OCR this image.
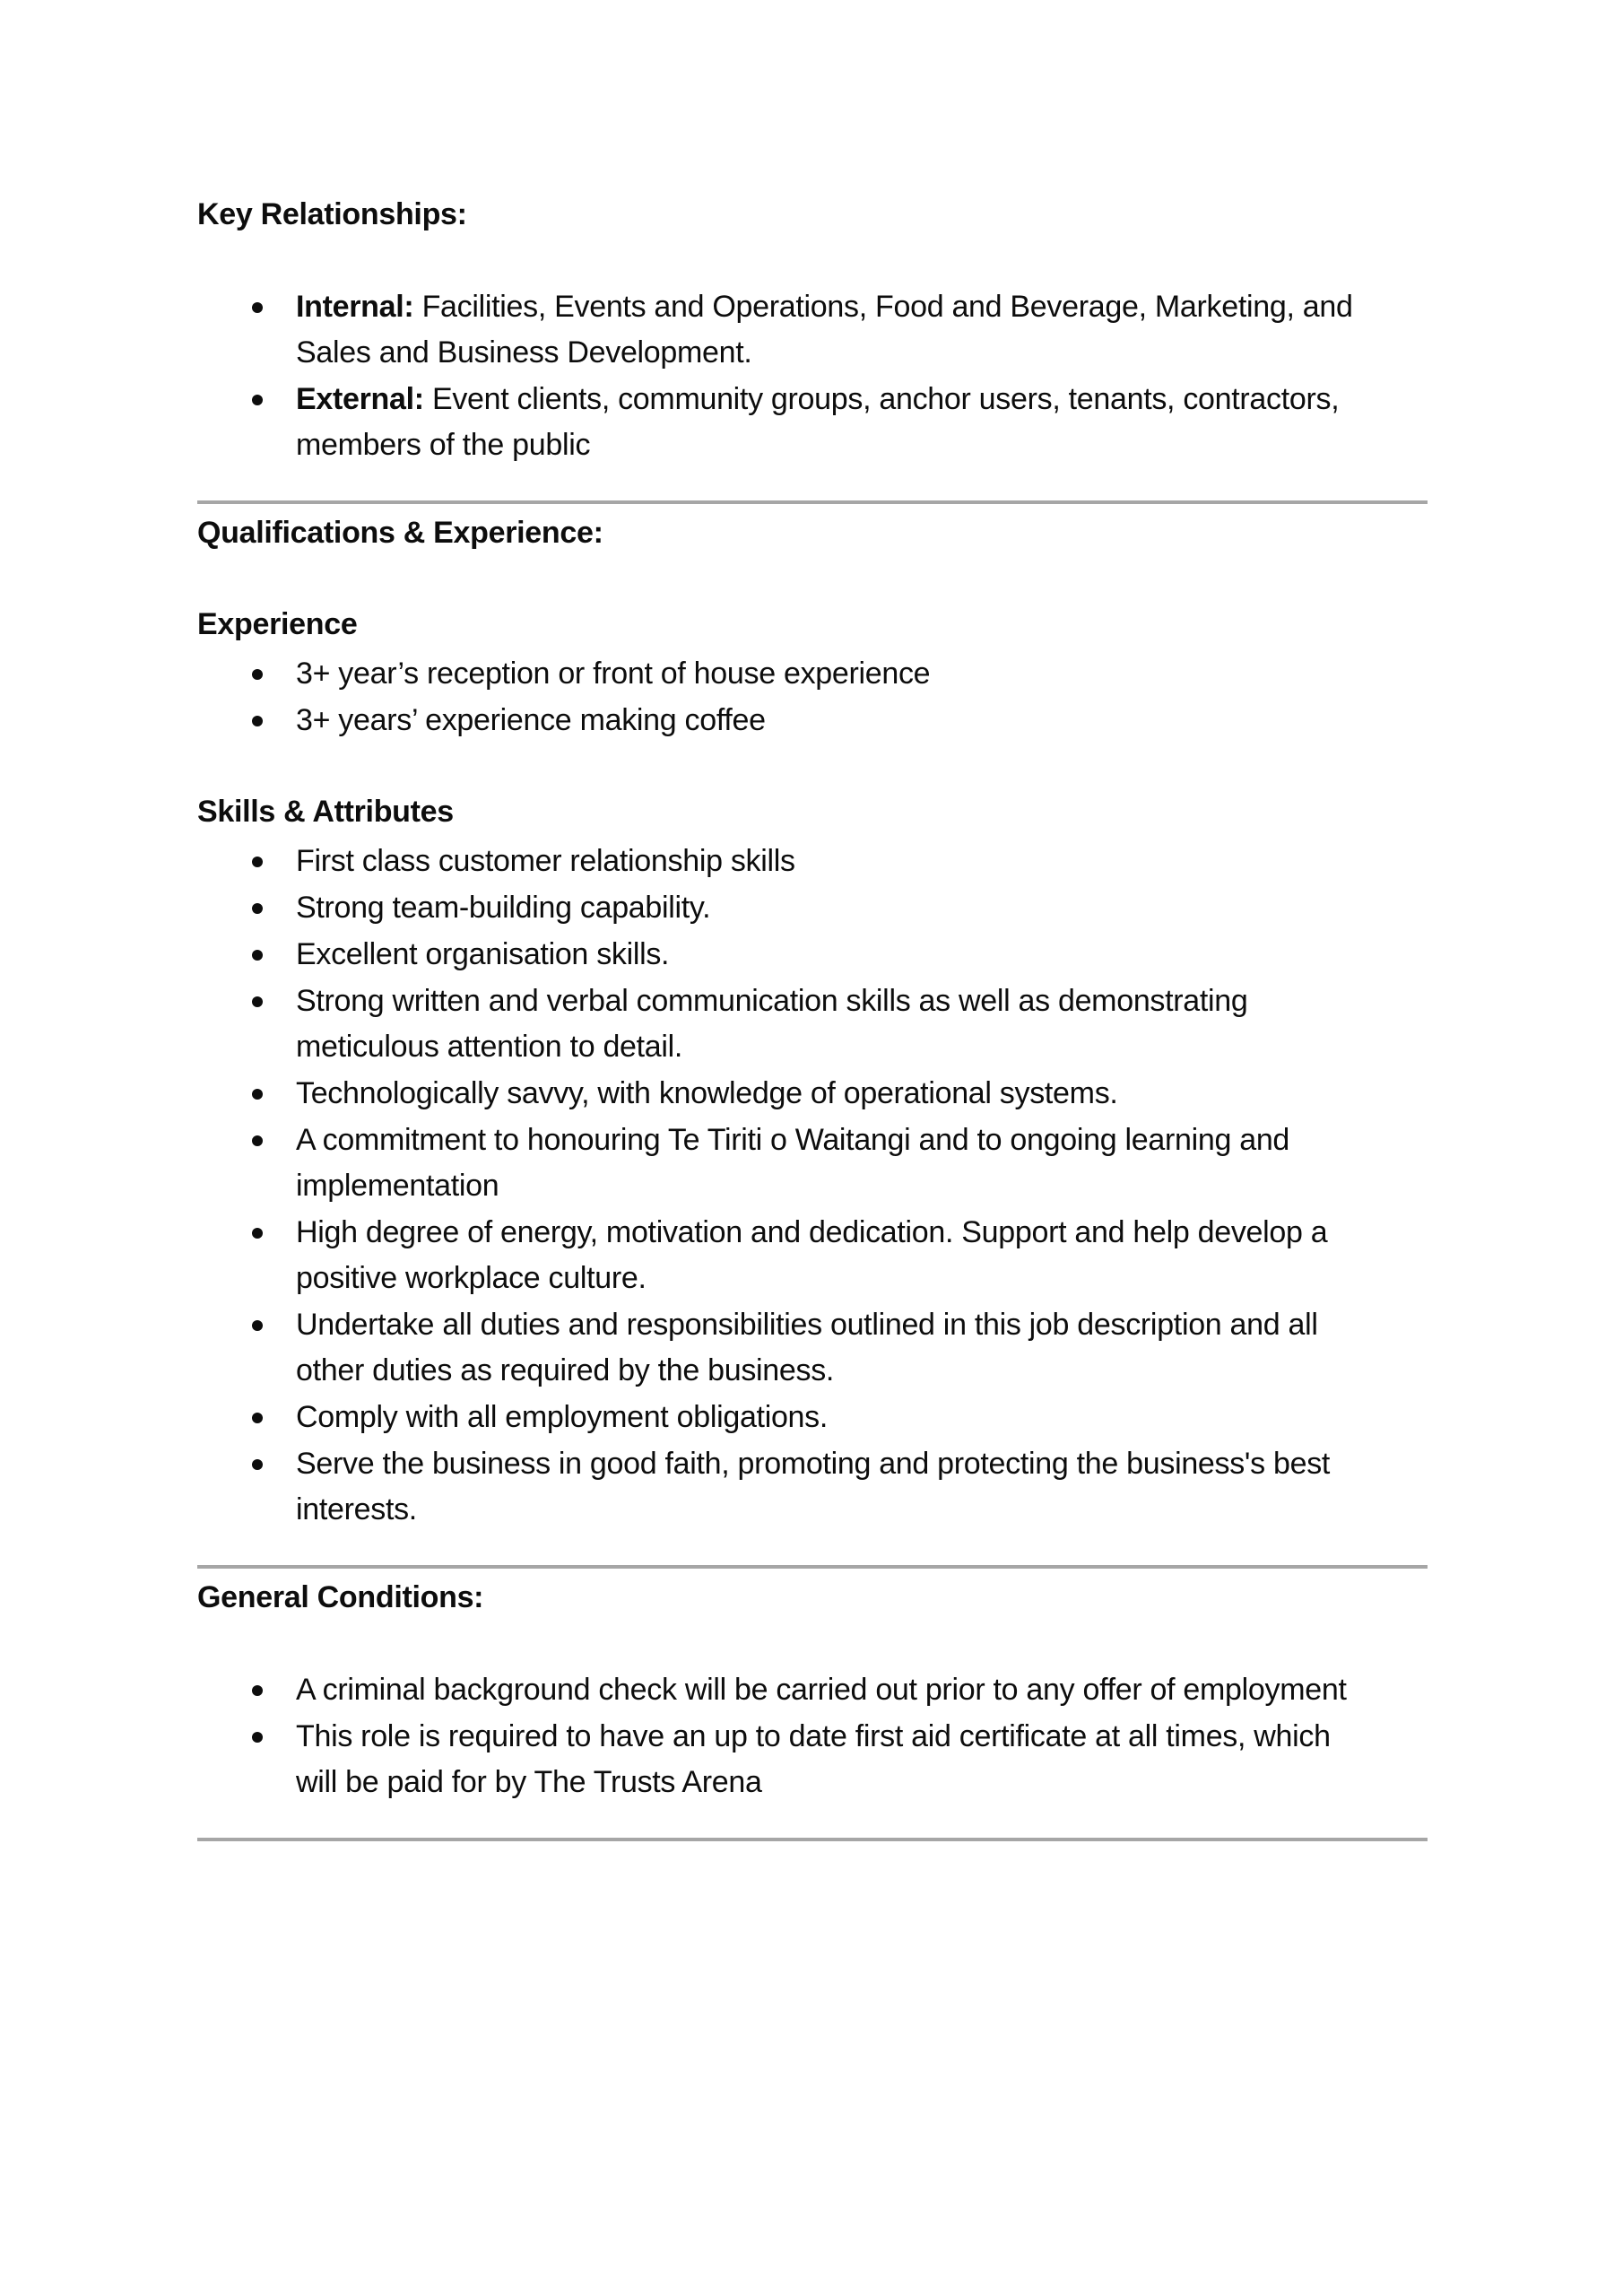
Key Relationships:
Internal: Facilities, Events and Operations, Food and Beverage, Marketing, and
Sales and Business Development.
External: Event clients, community groups, anchor users, tenants, contractors,
members of the public
Qualifications & Experience:
Experience
3+ year’s reception or front of house experience
3+ years’ experience making coffee
Skills & Attributes
First class customer relationship skills
Strong team-building capability.
Excellent organisation skills.
Strong written and verbal communication skills as well as demonstrating
meticulous attention to detail.
Technologically savvy, with knowledge of operational systems.
A commitment to honouring Te Tiriti o Waitangi and to ongoing learning and
implementation
High degree of energy, motivation and dedication. Support and help develop a
positive workplace culture.
Undertake all duties and responsibilities outlined in this job description and all
other duties as required by the business.
Comply with all employment obligations.
Serve the business in good faith, promoting and protecting the business's best
interests.
General Conditions:
A criminal background check will be carried out prior to any offer of employment
This role is required to have an up to date first aid certificate at all times, which
will be paid for by The Trusts Arena
